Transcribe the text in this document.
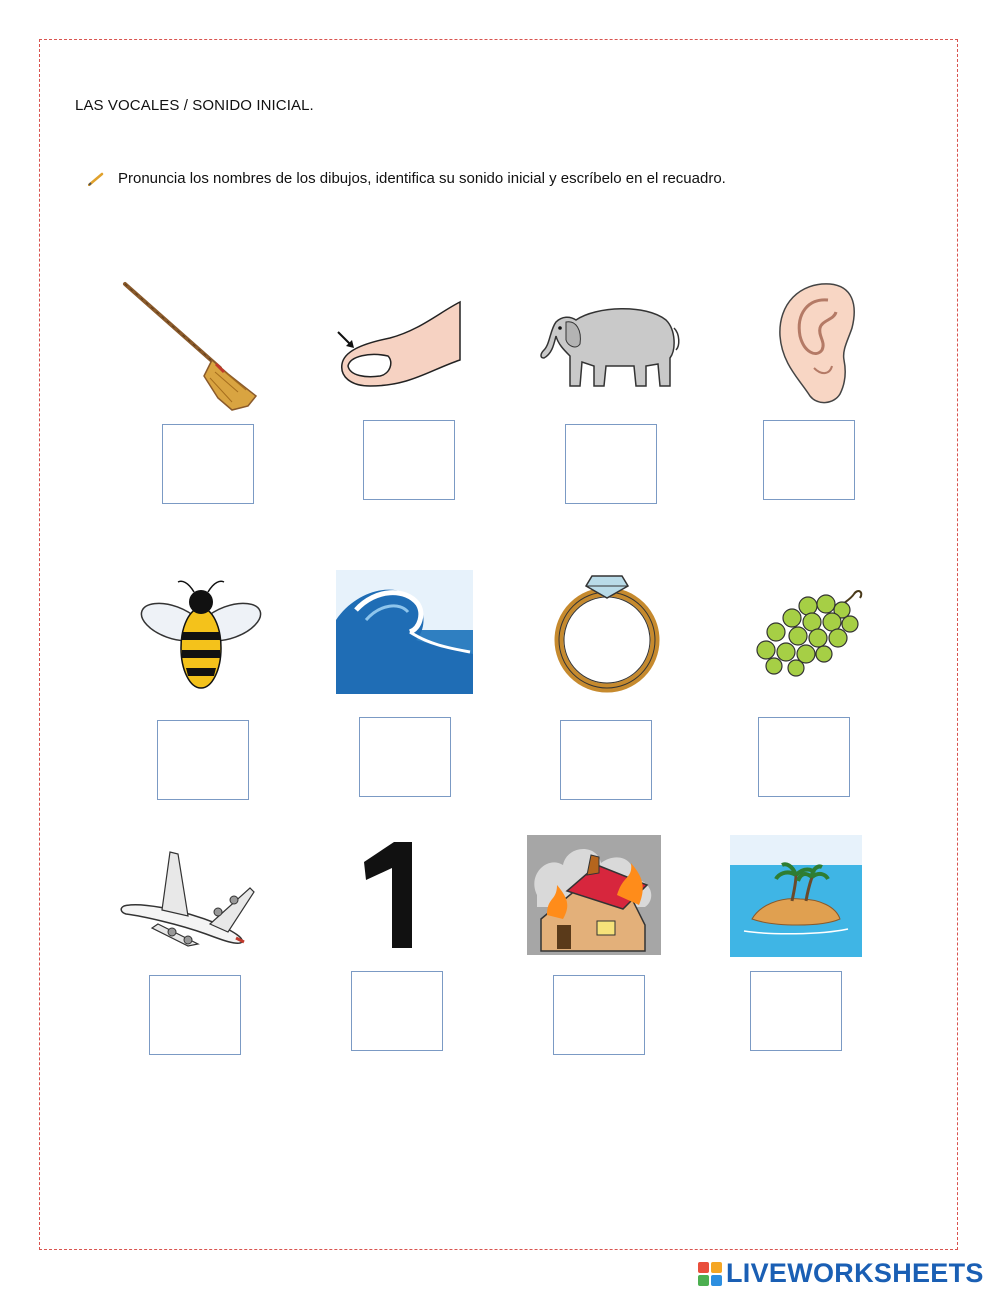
LAS VOCALES / SONIDO INICIAL.
Pronuncia los nombres de los dibujos, identifica su sonido inicial y escríbelo en el recuadro.
LIVEWORKSHEETS
